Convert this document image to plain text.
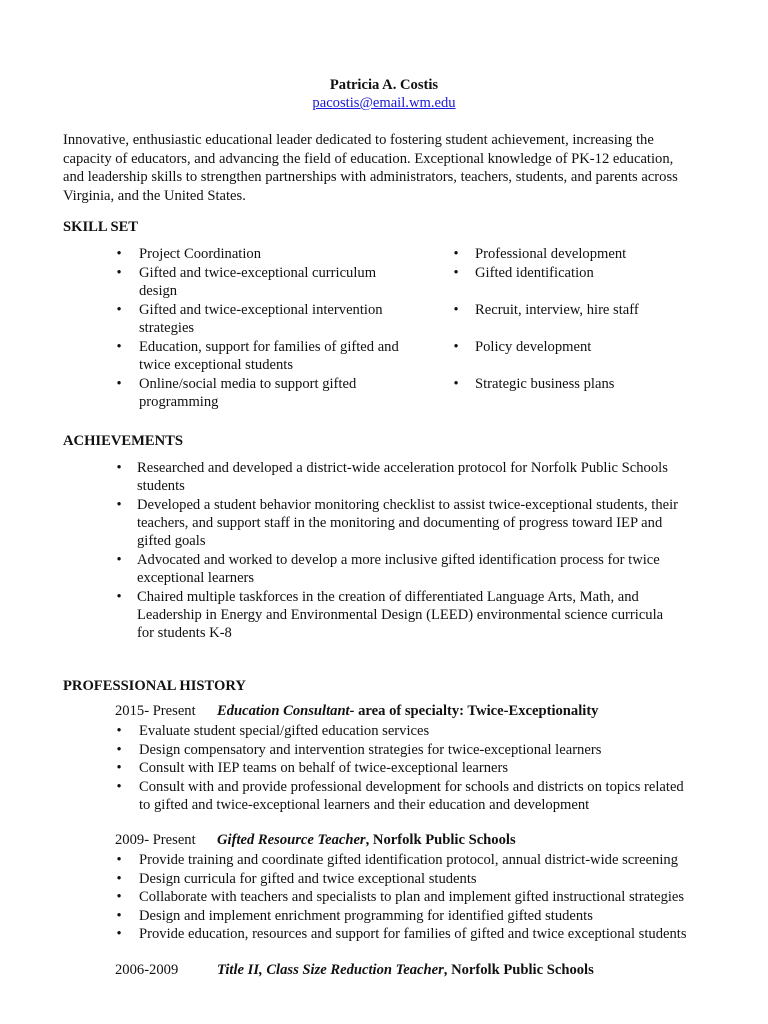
Patricia A. Costis
pacostis@email.wm.edu
Innovative, enthusiastic educational leader dedicated to fostering student achievement, increasing the
capacity of educators, and advancing the field of education. Exceptional knowledge of PK-12 education,
and leadership skills to strengthen partnerships with administrators, teachers, students, and parents across
Virginia, and the United States.
SKILL SET
• Project Coordination
• Gifted and twice-exceptional curriculum
design
• Gifted and twice-exceptional intervention
strategies
• Education, support for families of gifted and
twice exceptional students
• Online/social media to support gifted
programming
• Professional development
• Gifted identification
• Recruit, interview, hire staff
• Policy development
• Strategic business plans
ACHIEVEMENTS
• Researched and developed a district-wide acceleration protocol for Norfolk Public Schools
students
• Developed a student behavior monitoring checklist to assist twice-exceptional students, their
teachers, and support staff in the monitoring and documenting of progress toward IEP and
gifted goals
• Advocated and worked to develop a more inclusive gifted identification process for twice
exceptional learners
• Chaired multiple taskforces in the creation of differentiated Language Arts, Math, and
Leadership in Energy and Environmental Design (LEED) environmental science curricula
for students K-8
PROFESSIONAL HISTORY
2015- Present Education Consultant- area of specialty: Twice-Exceptionality
• Evaluate student special/gifted education services
• Design compensatory and intervention strategies for twice-exceptional learners
• Consult with IEP teams on behalf of twice-exceptional learners
• Consult with and provide professional development for schools and districts on topics related
to gifted and twice-exceptional learners and their education and development
2009- Present Gifted Resource Teacher, Norfolk Public Schools
• Provide training and coordinate gifted identification protocol, annual district-wide screening
• Design curricula for gifted and twice exceptional students
• Collaborate with teachers and specialists to plan and implement gifted instructional strategies
• Design and implement enrichment programming for identified gifted students
• Provide education, resources and support for families of gifted and twice exceptional students
2006-2009	Title II, Class Size Reduction Teacher, Norfolk Public Schools
